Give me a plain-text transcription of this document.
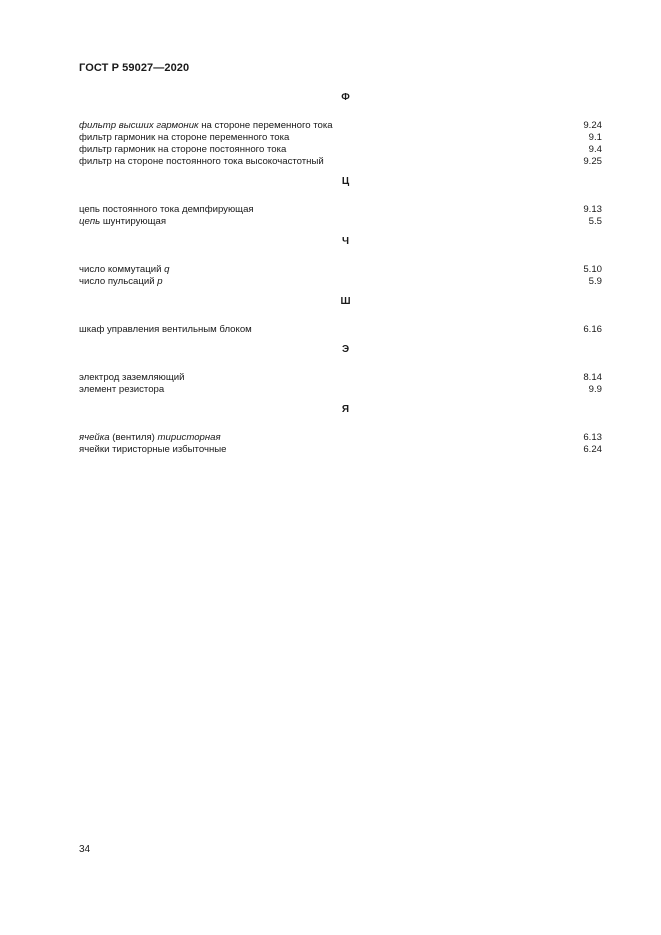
ГОСТ Р 59027—2020
Ф
фильтр высших гармоник на стороне переменного тока	9.24
фильтр гармоник на стороне переменного тока	9.1
фильтр гармоник на стороне постоянного тока	9.4
фильтр на стороне постоянного тока высокочастотный	9.25
Ц
цепь постоянного тока демпфирующая	9.13
цепь шунтирующая	5.5
Ч
число коммутаций q	5.10
число пульсаций p	5.9
Ш
шкаф управления вентильным блоком	6.16
Э
электрод заземляющий	8.14
элемент резистора	9.9
Я
ячейка (вентиля) тиристорная	6.13
ячейки тиристорные избыточные	6.24
34
